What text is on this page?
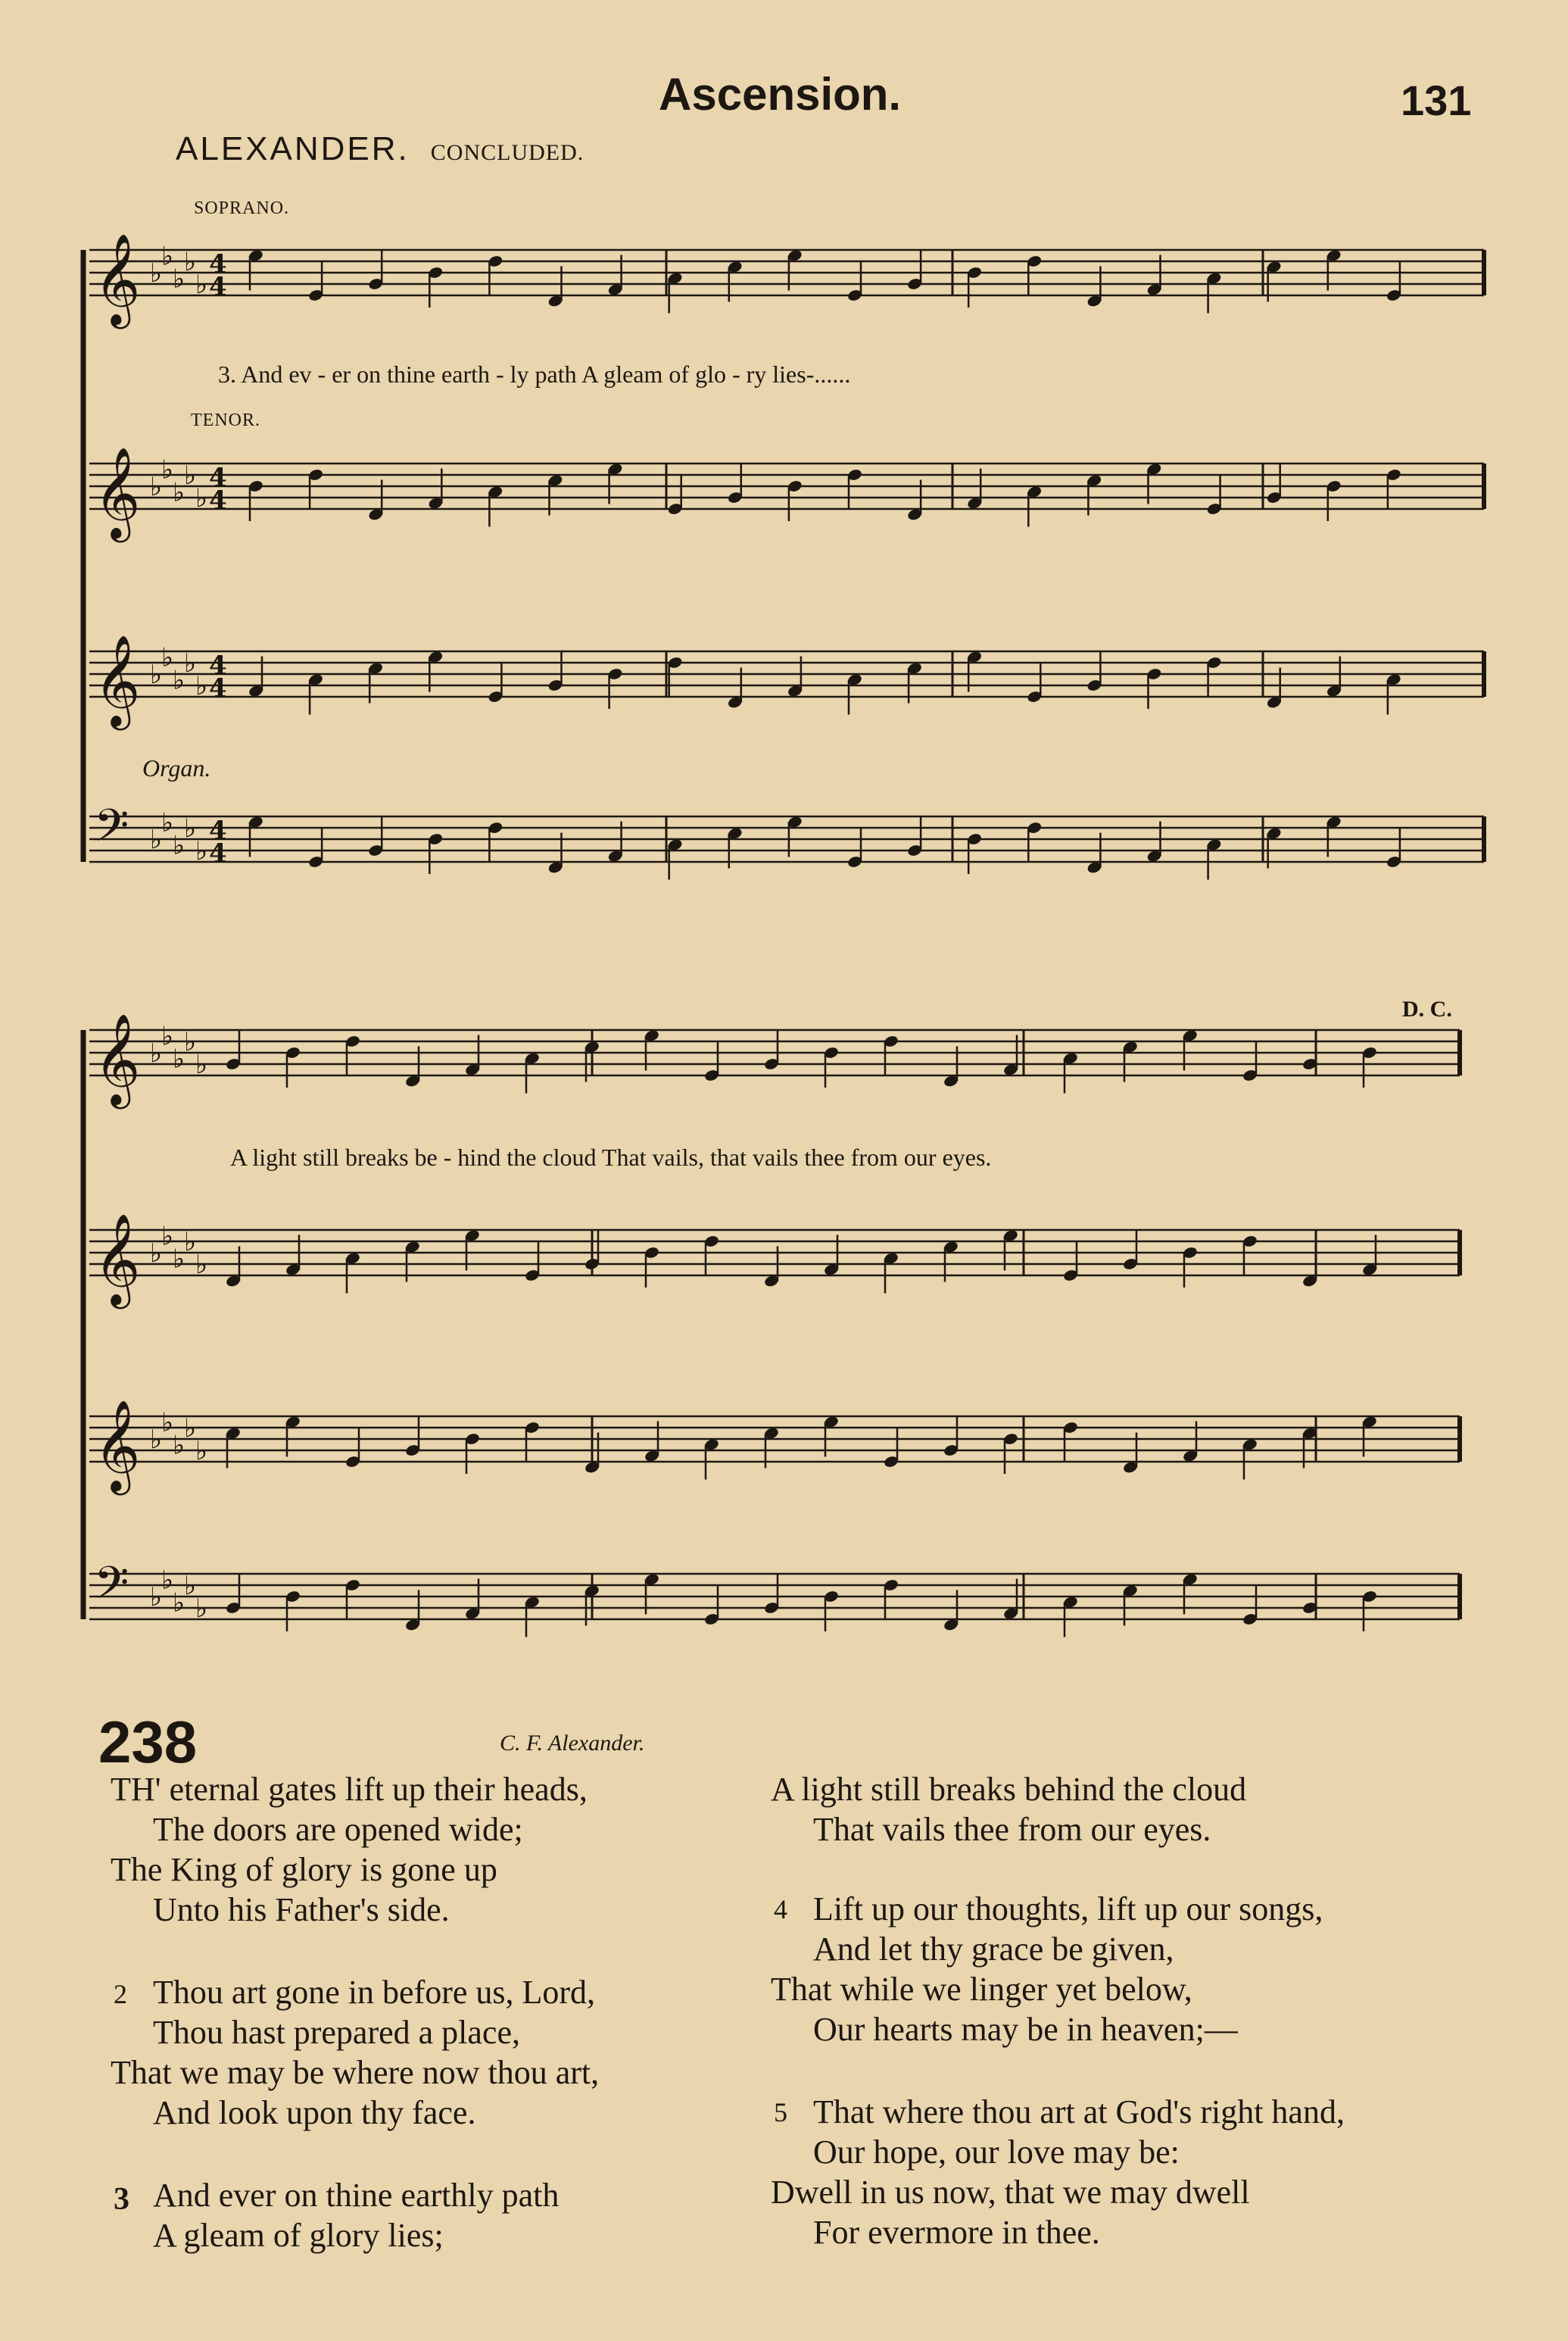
Ascension.	131
ALEXANDER. CONCLUDED.
SOPRANO.
TENOR.
Organ.
3. And ev - er on thine earth - ly path A gleam of glo - ry lies-......
A light still breaks be - hind the cloud That vails, that vails thee from our eyes.
D. C.
𝄞 ♭
♭
♭
♭
♭
4
4
𝄞 ♭
♭
♭
♭
♭
4
4
𝄞 ♭
♭
♭
♭
♭
4
4
𝄢 ♭
♭
♭
♭
♭
4
4
𝄞 ♭
♭
♭
♭
♭
𝄞 ♭
♭
♭
♭
♭
𝄞 ♭
♭
♭
♭
♭
𝄢 ♭
♭
♭
♭
♭
238	C. F. Alexander.
TH' eternal gates lift up their heads,
The doors are opened wide;
The King of glory is gone up
Unto his Father's side.
2 Thou art gone in before us, Lord,
Thou hast prepared a place,
That we may be where now thou art,
And look upon thy face.
3 And ever on thine earthly path
A gleam of glory lies;
A light still breaks behind the cloud
That vails thee from our eyes.
4 Lift up our thoughts, lift up our songs,
And let thy grace be given,
That while we linger yet below,
Our hearts may be in heaven;—
5 That where thou art at God's right hand,
Our hope, our love may be:
Dwell in us now, that we may dwell
For evermore in thee.
